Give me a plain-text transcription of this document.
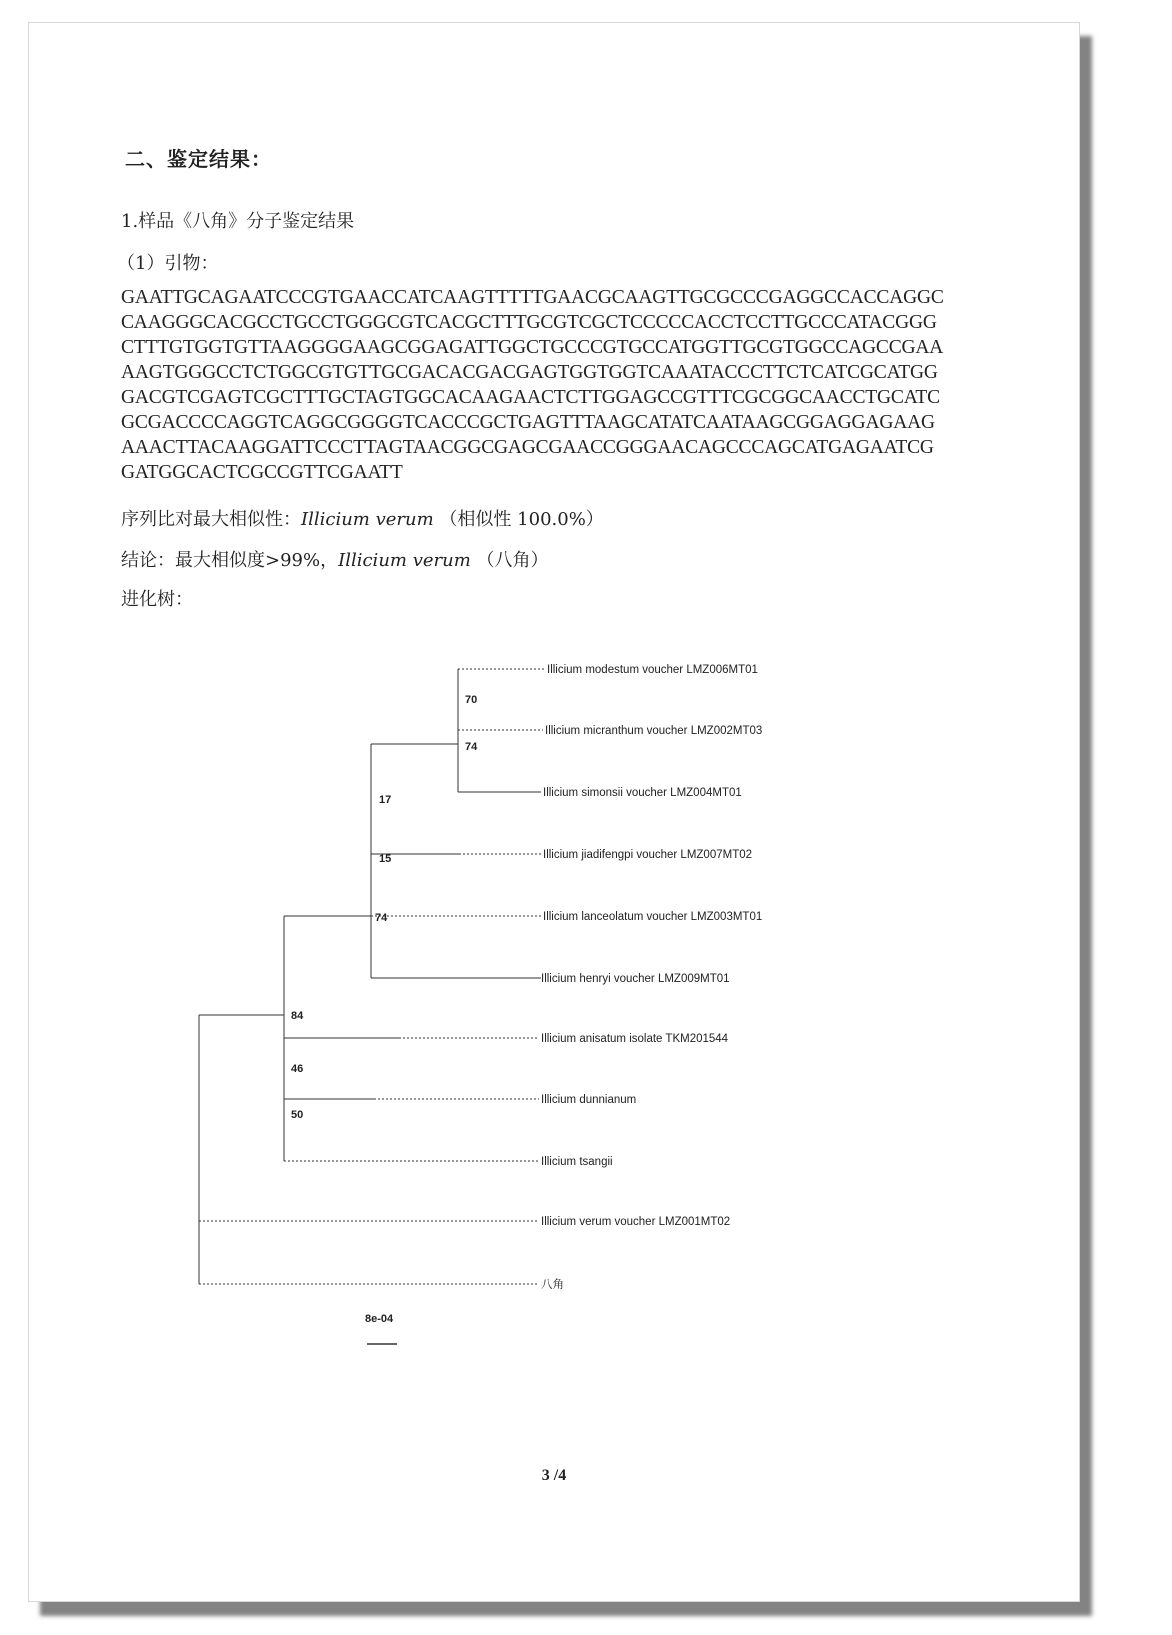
二、鉴定结果：
1.样品《八角》分子鉴定结果
（1）引物：
GAATTGCAGAATCCCGTGAACCATCAAGTTTTTGAACGCAAGTTGCGCCCGAGGCCACCAGGC
CAAGGGCACGCCTGCCTGGGCGTCACGCTTTGCGTCGCTCCCCCACCTCCTTGCCCATACGGG
CTTTGTGGTGTTAAGGGGAAGCGGAGATTGGCTGCCCGTGCCATGGTTGCGTGGCCAGCCGAA
AAGTGGGCCTCTGGCGTGTTGCGACACGACGAGTGGTGGTCAAATACCCTTCTCATCGCATGG
GACGTCGAGTCGCTTTGCTAGTGGCACAAGAACTCTTGGAGCCGTTTCGCGGCAACCTGCATC
GCGACCCCAGGTCAGGCGGGGTCACCCGCTGAGTTTAAGCATATCAATAAGCGGAGGAGAAG
AAACTTACAAGGATTCCCTTAGTAACGGCGAGCGAACCGGGAACAGCCCAGCATGAGAATCG
GATGGCACTCGCCGTTCGAATT
序列比对最大相似性：Illicium verum （相似性 100.0%）
结论：最大相似度>99%，Illicium verum （八角）
进化树：
Illicium modestum voucher LMZ006MT01
Illicium micranthum voucher LMZ002MT03
Illicium simonsii voucher LMZ004MT01
Illicium jiadifengpi voucher LMZ007MT02
Illicium lanceolatum voucher LMZ003MT01
Illicium henryi voucher LMZ009MT01
Illicium anisatum isolate TKM201544
Illicium dunnianum
Illicium tsangii
Illicium verum voucher LMZ001MT02
八角
70
74
17
15
74
84
46
50
8e-04
3 /4
